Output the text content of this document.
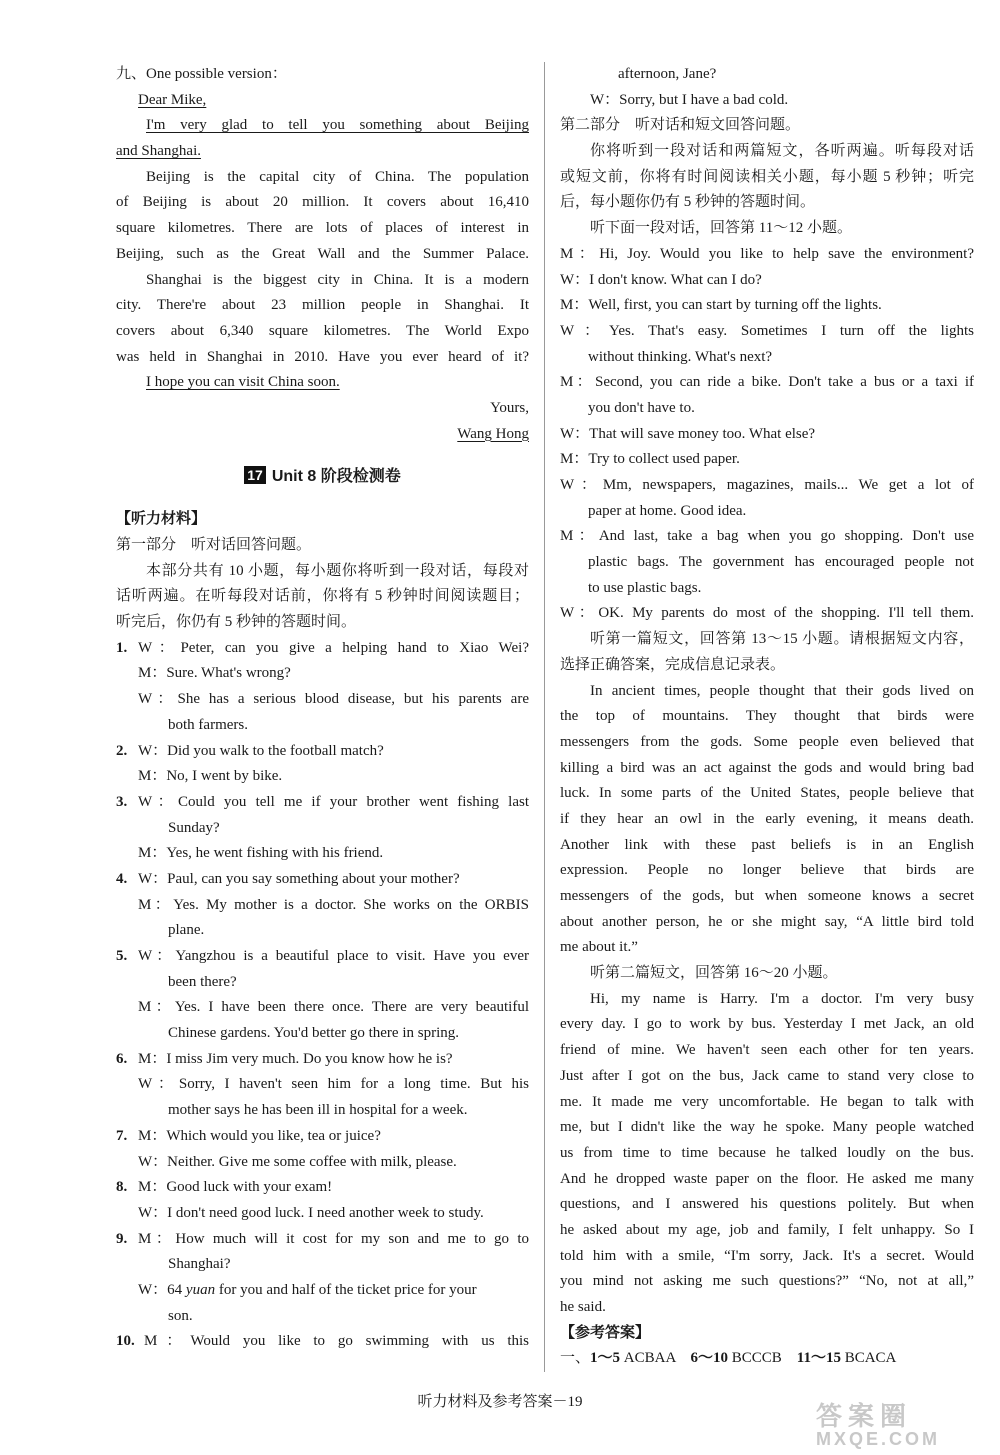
九、One possible version：
Dear Mike,
I'm very glad to tell you something about Beijing
and Shanghai.
Beijing is the capital city of China. The population
of Beijing is about 20 million. It covers about 16,410
square kilometres. There are lots of places of interest in
Beijing, such as the Great Wall and the Summer Palace.
Shanghai is the biggest city in China. It is a modern
city. There're about 23 million people in Shanghai. It
covers about 6,340 square kilometres. The World Expo
was held in Shanghai in 2010. Have you ever heard of it?
I hope you can visit China soon.
Yours,
Wang Hong
17 Unit 8 阶段检测卷
【听力材料】
第一部分　听对话回答问题。
本部分共有 10 小题，每小题你将听到一段对话，每段对
话听两遍。在听每段对话前，你将有 5 秒钟时间阅读题目；
听完后，你仍有 5 秒钟的答题时间。
1. W：Peter, can you give a helping hand to Xiao Wei?
M：Sure. What's wrong?
W：She has a serious blood disease, but his parents are
both farmers.
2. W：Did you walk to the football match?
M：No, I went by bike.
3. W：Could you tell me if your brother went fishing last
Sunday?
M：Yes, he went fishing with his friend.
4. W：Paul, can you say something about your mother?
M：Yes. My mother is a doctor. She works on the ORBIS
plane.
5. W：Yangzhou is a beautiful place to visit. Have you ever
been there?
M：Yes. I have been there once. There are very beautiful
Chinese gardens. You'd better go there in spring.
6. M：I miss Jim very much. Do you know how he is?
W：Sorry, I haven't seen him for a long time. But his
mother says he has been ill in hospital for a week.
7. M：Which would you like, tea or juice?
W：Neither. Give me some coffee with milk, please.
8. M：Good luck with your exam!
W：I don't need good luck. I need another week to study.
9. M：How much will it cost for my son and me to go to
Shanghai?
W：64 yuan for you and half of the ticket price for your
son.
10. M：Would you like to go swimming with us this
afternoon, Jane?
W：Sorry, but I have a bad cold.
第二部分　听对话和短文回答问题。
你将听到一段对话和两篇短文，各听两遍。听每段对话
或短文前，你将有时间阅读相关小题，每小题 5 秒钟；听完
后，每小题你仍有 5 秒钟的答题时间。
听下面一段对话，回答第 11～12 小题。
M：Hi, Joy. Would you like to help save the environment?
W：I don't know. What can I do?
M：Well, first, you can start by turning off the lights.
W：Yes. That's easy. Sometimes I turn off the lights
without thinking. What's next?
M：Second, you can ride a bike. Don't take a bus or a taxi if
you don't have to.
W：That will save money too. What else?
M：Try to collect used paper.
W：Mm, newspapers, magazines, mails... We get a lot of
paper at home. Good idea.
M：And last, take a bag when you go shopping. Don't use
plastic bags. The government has encouraged people not
to use plastic bags.
W：OK. My parents do most of the shopping. I'll tell them.
听第一篇短文，回答第 13～15 小题。请根据短文内容，
选择正确答案，完成信息记录表。
In ancient times, people thought that their gods lived on
the top of mountains. They thought that birds were
messengers from the gods. Some people even believed that
killing a bird was an act against the gods and would bring bad
luck. In some parts of the United States, people believe that
if they hear an owl in the early evening, it means death.
Another link with these past beliefs is in an English
expression. People no longer believe that birds are
messengers of the gods, but when someone knows a secret
about another person, he or she might say, “A little bird told
me about it.”
听第二篇短文，回答第 16～20 小题。
Hi, my name is Harry. I'm a doctor. I'm very busy
every day. I go to work by bus. Yesterday I met Jack, an old
friend of mine. We haven't seen each other for ten years.
Just after I got on the bus, Jack came to stand very close to
me. It made me very uncomfortable. He began to talk with
me, but I didn't like the way he spoke. Many people watched
us from time to time because he talked loudly on the bus.
And he dropped waste paper on the floor. He asked me many
questions, and I answered his questions politely. But when
he asked about my age, job and family, I felt unhappy. So I
told him with a smile, “I'm sorry, Jack. It's a secret. Would
you mind not asking me such questions?” “No, not at all,”
he said.
【参考答案】
一、1～5 ACBAA　6～10 BCCCB　11～15 BCACA
听力材料及参考答案－19	答案圈
MXQE.COM
